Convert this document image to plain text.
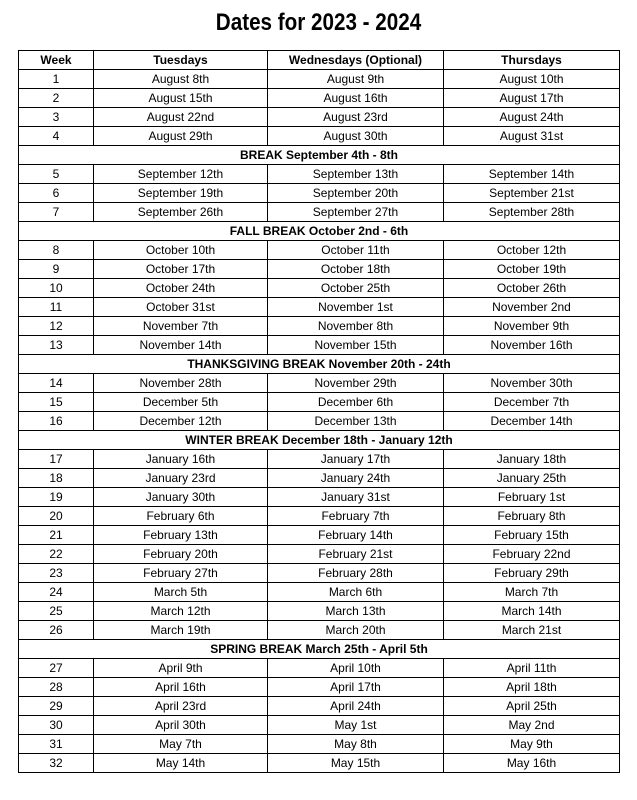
Dates for 2023 - 2024
Week	Tuesdays	Wednesdays (Optional)	Thursdays
1	August 8th	August 9th	August 10th
2	August 15th	August 16th	August 17th
3	August 22nd	August 23rd	August 24th
4	August 29th	August 30th	August 31st
BREAK September 4th - 8th			
5	September 12th	September 13th	September 14th
6	September 19th	September 20th	September 21st
7	September 26th	September 27th	September 28th
FALL BREAK October 2nd - 6th			
8	October 10th	October 11th	October 12th
9	October 17th	October 18th	October 19th
10	October 24th	October 25th	October 26th
11	October 31st	November 1st	November 2nd
12	November 7th	November 8th	November 9th
13	November 14th	November 15th	November 16th
THANKSGIVING BREAK November 20th - 24th			
14	November 28th	November 29th	November 30th
15	December 5th	December 6th	December 7th
16	December 12th	December 13th	December 14th
WINTER BREAK December 18th - January 12th			
17	January 16th	January 17th	January 18th
18	January 23rd	January 24th	January 25th
19	January 30th	January 31st	February 1st
20	February 6th	February 7th	February 8th
21	February 13th	February 14th	February 15th
22	February 20th	February 21st	February 22nd
23	February 27th	February 28th	February 29th
24	March 5th	March 6th	March 7th
25	March 12th	March 13th	March 14th
26	March 19th	March 20th	March 21st
SPRING BREAK March 25th - April 5th			
27	April 9th	April 10th	April 11th
28	April 16th	April 17th	April 18th
29	April 23rd	April 24th	April 25th
30	April 30th	May 1st	May 2nd
31	May 7th	May 8th	May 9th
32	May 14th	May 15th	May 16th
